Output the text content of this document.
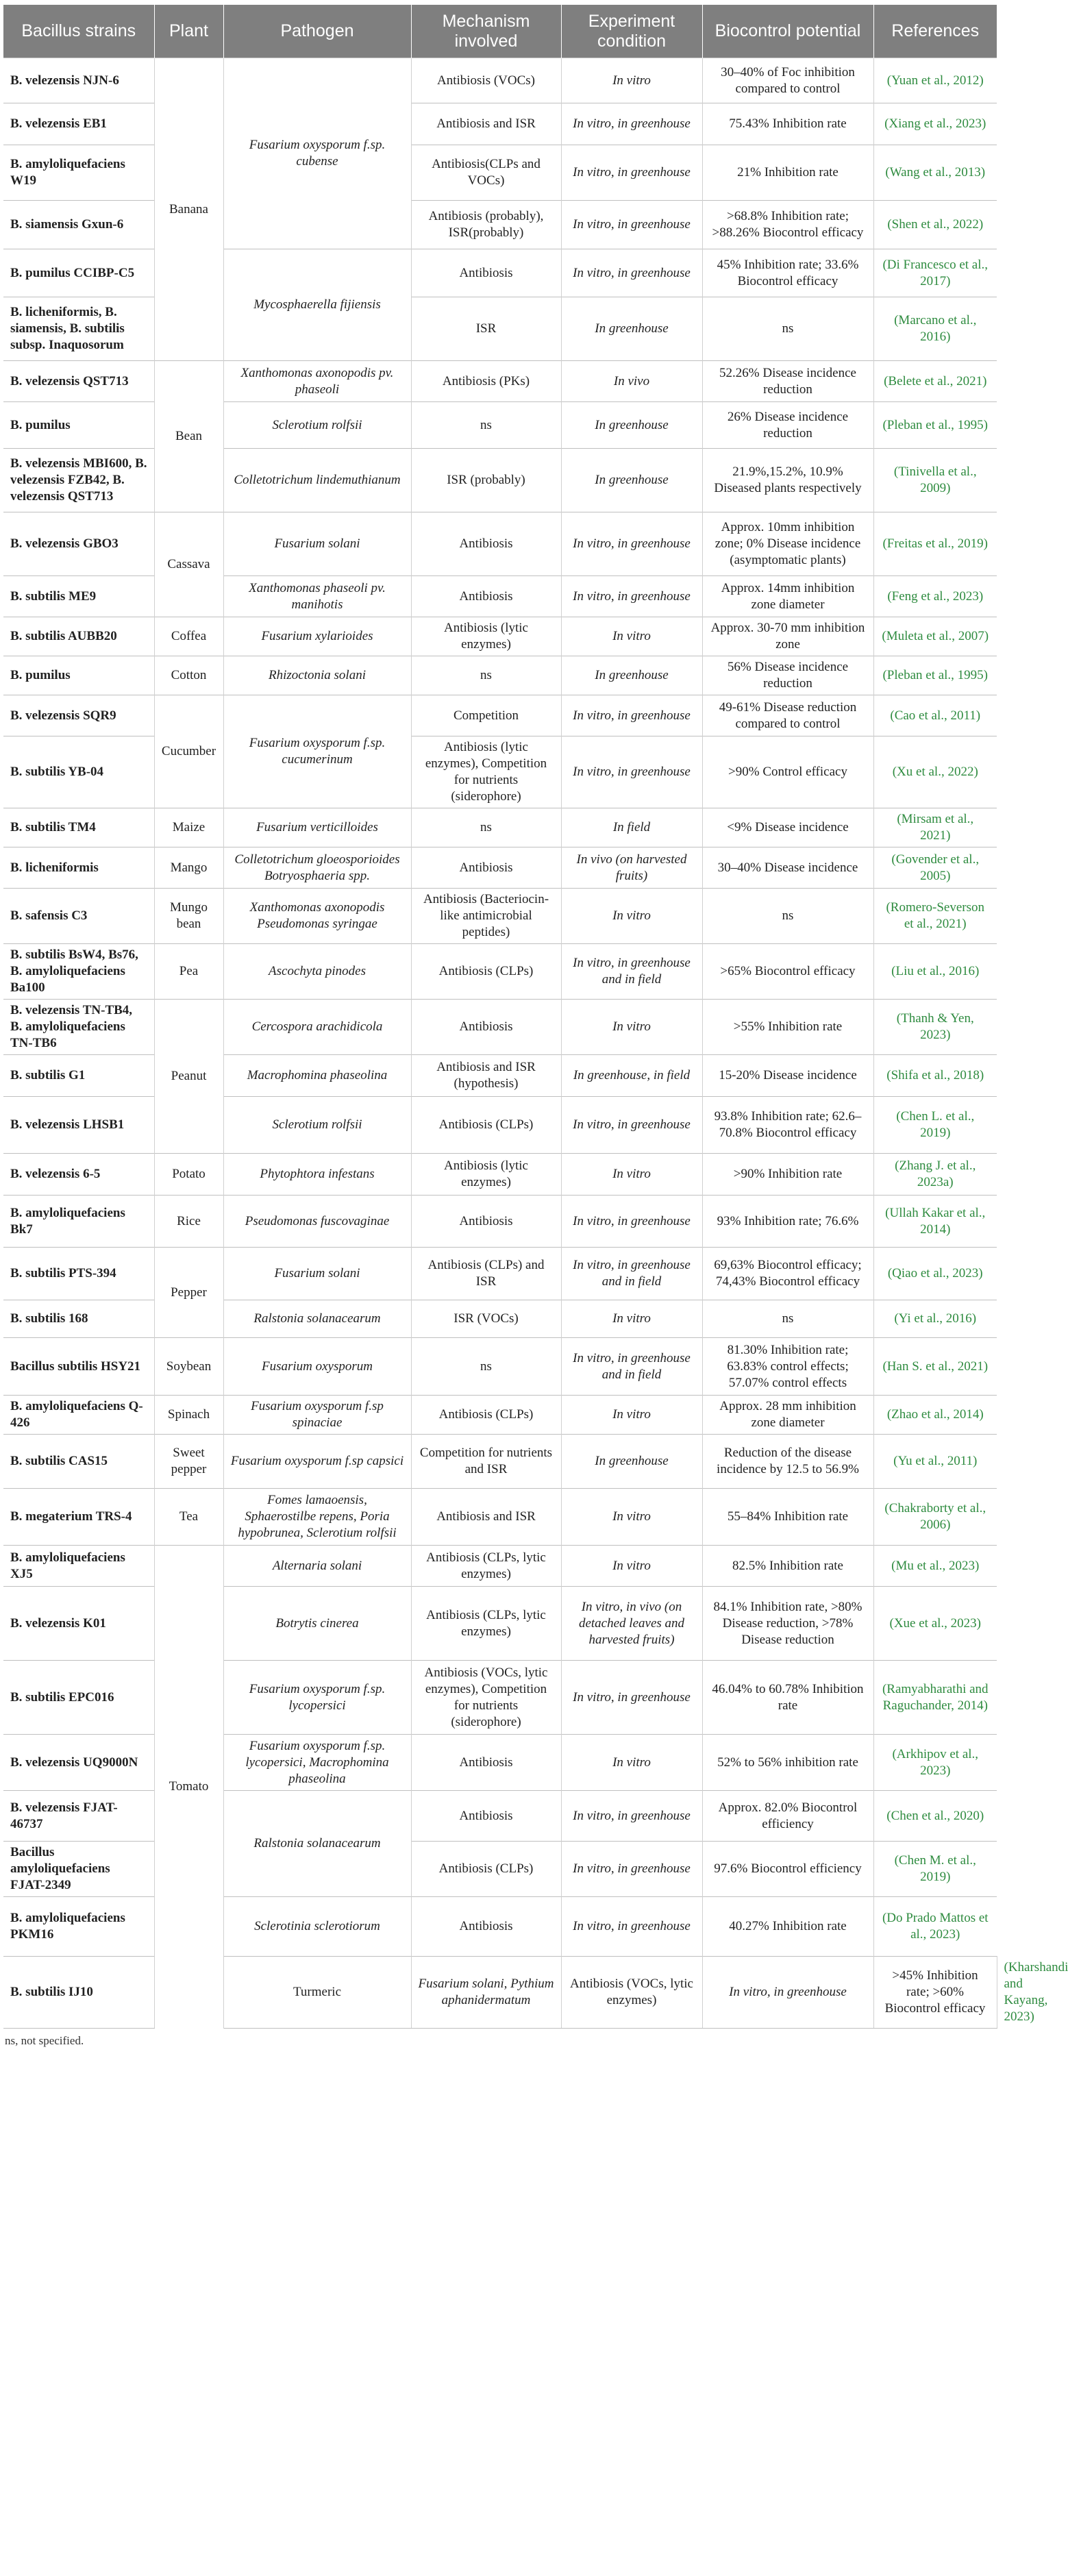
Bacillus strains	Plant	Pathogen	Mechanism involved	Experiment condition	Biocontrol potential	References	
B. velezensis NJN-6	Banana	Fusarium oxysporum f.sp. cubense	Antibiosis (VOCs)	In vitro	30–40% of Foc inhibition compared to control	(Yuan et al., 2012)	
B. velezensis EB1			Antibiosis and ISR	In vitro, in greenhouse	75.43% Inhibition rate	(Xiang et al., 2023)	
B. amyloliquefaciens W19			Antibiosis(CLPs and VOCs)	In vitro, in greenhouse	21% Inhibition rate	(Wang et al., 2013)	
B. siamensis Gxun-6			Antibiosis (probably), ISR(probably)	In vitro, in greenhouse	>68.8% Inhibition rate; >88.26% Biocontrol efficacy	(Shen et al., 2022)	
B. pumilus CCIBP-C5		Mycosphaerella fijiensis	Antibiosis	In vitro, in greenhouse	45% Inhibition rate; 33.6% Biocontrol efficacy	(Di Francesco et al., 2017)	
B. licheniformis, B. siamensis, B. subtilis subsp. Inaquosorum			ISR	In greenhouse	ns	(Marcano et al., 2016)	
B. velezensis QST713	Bean	Xanthomonas axonopodis pv. phaseoli	Antibiosis (PKs)	In vivo	52.26% Disease incidence reduction	(Belete et al., 2021)	
B. pumilus		Sclerotium rolfsii	ns	In greenhouse	26% Disease incidence reduction	(Pleban et al., 1995)	
B. velezensis MBI600, B. velezensis FZB42, B. velezensis QST713		Colletotrichum lindemuthianum	ISR (probably)	In greenhouse	21.9%,15.2%, 10.9% Diseased plants respectively	(Tinivella et al., 2009)	
B. velezensis GBO3	Cassava	Fusarium solani	Antibiosis	In vitro, in greenhouse	Approx. 10mm inhibition zone; 0% Disease incidence (asymptomatic plants)	(Freitas et al., 2019)	
B. subtilis ME9		Xanthomonas phaseoli pv. manihotis	Antibiosis	In vitro, in greenhouse	Approx. 14mm inhibition zone diameter	(Feng et al., 2023)	
B. subtilis AUBB20	Coffea	Fusarium xylarioides	Antibiosis (lytic enzymes)	In vitro	Approx. 30-70 mm inhibition zone	(Muleta et al., 2007)	
B. pumilus	Cotton	Rhizoctonia solani	ns	In greenhouse	56% Disease incidence reduction	(Pleban et al., 1995)	
B. velezensis SQR9	Cucumber	Fusarium oxysporum f.sp. cucumerinum	Competition	In vitro, in greenhouse	49-61% Disease reduction compared to control	(Cao et al., 2011)	
B. subtilis YB-04			Antibiosis (lytic enzymes), Competition for nutrients (siderophore)	In vitro, in greenhouse	>90% Control efficacy	(Xu et al., 2022)	
B. subtilis TM4	Maize	Fusarium verticilloides	ns	In field	<9% Disease incidence	(Mirsam et al., 2021)	
B. licheniformis	Mango	Colletotrichum gloeosporioides Botryosphaeria spp.	Antibiosis	In vivo (on harvested fruits)	30–40% Disease incidence	(Govender et al., 2005)	
B. safensis C3	Mungo bean	Xanthomonas axonopodis Pseudomonas syringae	Antibiosis (Bacteriocin-like antimicrobial peptides)	In vitro	ns	(Romero-Severson et al., 2021)	
B. subtilis BsW4, Bs76, B. amyloliquefaciens Ba100	Pea	Ascochyta pinodes	Antibiosis (CLPs)	In vitro, in greenhouse and in field	>65% Biocontrol efficacy	(Liu et al., 2016)	
B. velezensis TN-TB4, B. amyloliquefaciens TN-TB6	Peanut	Cercospora arachidicola	Antibiosis	In vitro	>55% Inhibition rate	(Thanh & Yen, 2023)	
B. subtilis G1		Macrophomina phaseolina	Antibiosis and ISR (hypothesis)	In greenhouse, in field	15-20% Disease incidence	(Shifa et al., 2018)	
B. velezensis LHSB1		Sclerotium rolfsii	Antibiosis (CLPs)	In vitro, in greenhouse	93.8% Inhibition rate; 62.6–70.8% Biocontrol efficacy	(Chen L. et al., 2019)	
B. velezensis 6-5	Potato	Phytophtora infestans	Antibiosis (lytic enzymes)	In vitro	>90% Inhibition rate	(Zhang J. et al., 2023a)	
B. amyloliquefaciens Bk7	Rice	Pseudomonas fuscovaginae	Antibiosis	In vitro, in greenhouse	93% Inhibition rate; 76.6%	(Ullah Kakar et al., 2014)	
B. subtilis PTS-394	Pepper	Fusarium solani	Antibiosis (CLPs) and ISR	In vitro, in greenhouse and in field	69,63% Biocontrol efficacy; 74,43% Biocontrol efficacy	(Qiao et al., 2023)	
B. subtilis 168		Ralstonia solanacearum	ISR (VOCs)	In vitro	ns	(Yi et al., 2016)	
Bacillus subtilis HSY21	Soybean	Fusarium oxysporum	ns	In vitro, in greenhouse and in field	81.30% Inhibition rate; 63.83% control effects; 57.07% control effects	(Han S. et al., 2021)	
B. amyloliquefaciens Q-426	Spinach	Fusarium oxysporum f.sp spinaciae	Antibiosis (CLPs)	In vitro	Approx. 28 mm inhibition zone diameter	(Zhao et al., 2014)	
B. subtilis CAS15	Sweet pepper	Fusarium oxysporum f.sp capsici	Competition for nutrients and ISR	In greenhouse	Reduction of the disease incidence by 12.5 to 56.9%	(Yu et al., 2011)	
B. megaterium TRS-4	Tea	Fomes lamaoensis, Sphaerostilbe repens, Poria hypobrunea, Sclerotium rolfsii	Antibiosis and ISR	In vitro	55–84% Inhibition rate	(Chakraborty et al., 2006)	
B. amyloliquefaciens XJ5	Tomato	Alternaria solani	Antibiosis (CLPs, lytic enzymes)	In vitro	82.5% Inhibition rate	(Mu et al., 2023)	
B. velezensis K01		Botrytis cinerea	Antibiosis (CLPs, lytic enzymes)	In vitro, in vivo (on detached leaves and harvested fruits)	84.1% Inhibition rate, >80% Disease reduction, >78% Disease reduction	(Xue et al., 2023)	
B. subtilis EPC016		Fusarium oxysporum f.sp. lycopersici	Antibiosis (VOCs, lytic enzymes), Competition for nutrients (siderophore)	In vitro, in greenhouse	46.04% to 60.78% Inhibition rate	(Ramyabharathi and Raguchander, 2014)	
B. velezensis UQ9000N		Fusarium oxysporum f.sp. lycopersici, Macrophomina phaseolina	Antibiosis	In vitro	52% to 56% inhibition rate	(Arkhipov et al., 2023)	
B. velezensis FJAT-46737		Ralstonia solanacearum	Antibiosis	In vitro, in greenhouse	Approx. 82.0% Biocontrol efficiency	(Chen et al., 2020)	
Bacillus amyloliquefaciens FJAT-2349			Antibiosis (CLPs)	In vitro, in greenhouse	97.6% Biocontrol efficiency	(Chen M. et al., 2019)	
B. amyloliquefaciens PKM16		Sclerotinia sclerotiorum	Antibiosis	In vitro, in greenhouse	40.27% Inhibition rate	(Do Prado Mattos et al., 2023)	
B. subtilis IJ10		Turmeric	Fusarium solani, Pythium aphanidermatum	Antibiosis (VOCs, lytic enzymes)	In vitro, in greenhouse	>45% Inhibition rate; >60% Biocontrol efficacy	(Kharshandi and Kayang, 2023)
ns, not specified.
